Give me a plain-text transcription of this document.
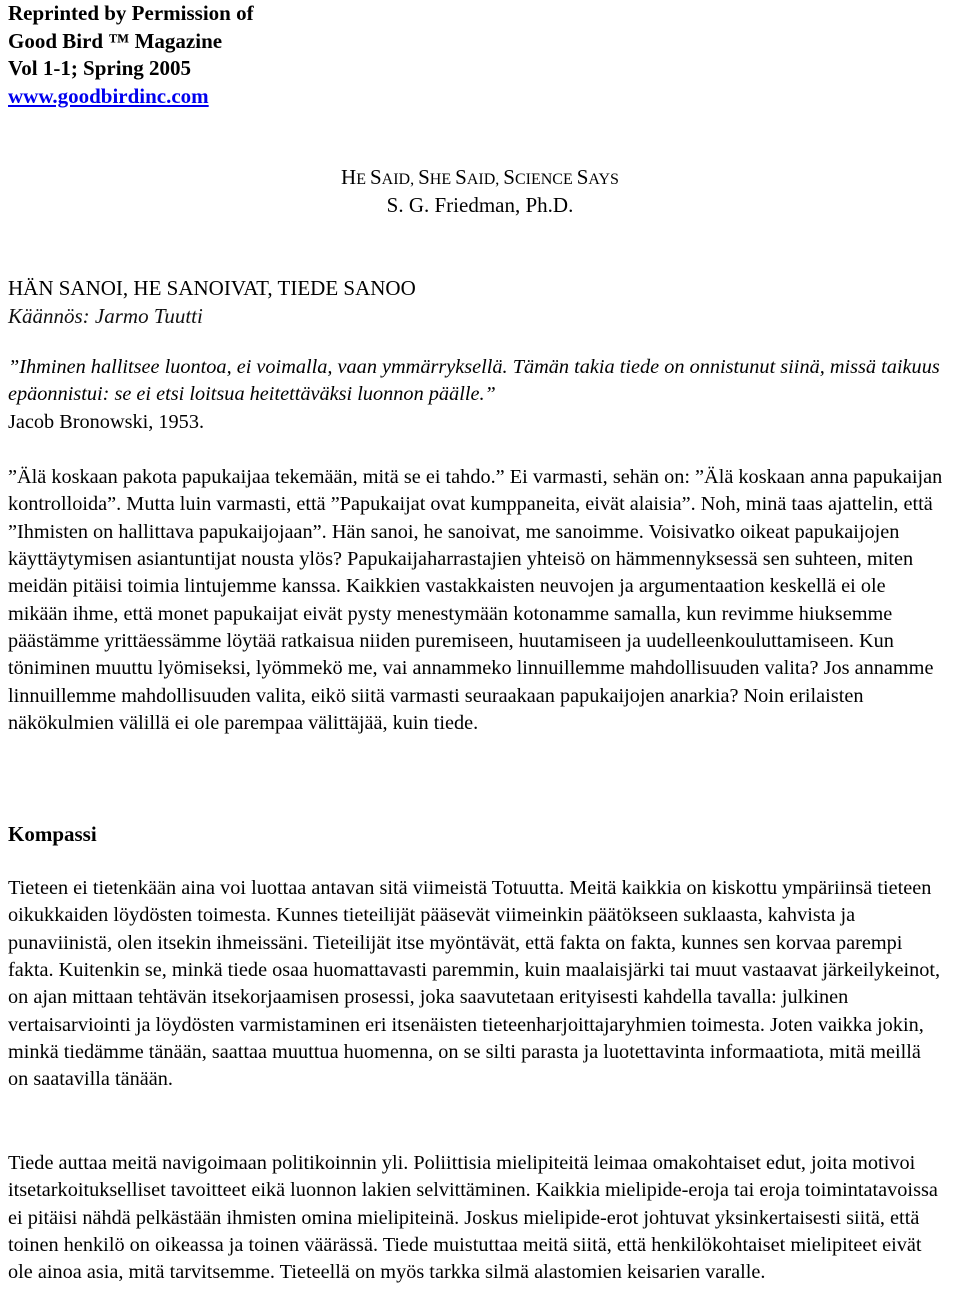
Reprinted by Permission of
Good Bird ™ Magazine
Vol 1-1; Spring 2005
www.goodbirdinc.com
HE SAID, SHE SAID, SCIENCE SAYS
S. G. Friedman, Ph.D.
HÄN SANOI, HE SANOIVAT, TIEDE SANOO
Käännös: Jarmo Tuutti
”Ihminen hallitsee luontoa, ei voimalla, vaan ymmärryksellä. Tämän takia tiede on onnistunut siinä, missä taikuus epäonnistui: se ei etsi loitsua heitettäväksi luonnon päälle.”
Jacob Bronowski, 1953.
”Älä koskaan pakota papukaijaa tekemään, mitä se ei tahdo.” Ei varmasti, sehän on: ”Älä koskaan anna papukaijan kontrolloida”. Mutta luin varmasti, että ”Papukaijat ovat kumppaneita, eivät alaisia”. Noh, minä taas ajattelin, että ”Ihmisten on hallittava papukaijojaan”. Hän sanoi, he sanoivat, me sanoimme. Voisivatko oikeat papukaijojen käyttäytymisen asiantuntijat nousta ylös? Papukaijaharrastajien yhteisö on hämmennyksessä sen suhteen, miten meidän pitäisi toimia lintujemme kanssa. Kaikkien vastakkaisten neuvojen ja argumentaation keskellä ei ole mikään ihme, että monet papukaijat eivät pysty menestymään kotonamme samalla, kun revimme hiuksemme päästämme yrittäessämme löytää ratkaisua niiden puremiseen, huutamiseen ja uudelleenkouluttamiseen. Kun töniminen muuttu lyömiseksi, lyömmekö me, vai annammeko linnuillemme mahdollisuuden valita? Jos annamme linnuillemme mahdollisuuden valita, eikö siitä varmasti seuraakaan papukaijojen anarkia? Noin erilaisten näkökulmien välillä ei ole parempaa välittäjää, kuin tiede.
Kompassi
Tieteen ei tietenkään aina voi luottaa antavan sitä viimeistä Totuutta. Meitä kaikkia on kiskottu ympäriinsä tieteen oikukkaiden löydösten toimesta. Kunnes tieteilijät pääsevät viimeinkin päätökseen suklaasta, kahvista ja punaviinistä, olen itsekin ihmeissäni. Tieteilijät itse myöntävät, että fakta on fakta, kunnes sen korvaa parempi fakta. Kuitenkin se, minkä tiede osaa huomattavasti paremmin, kuin maalaisjärki tai muut vastaavat järkeilykeinot, on ajan mittaan tehtävän itsekorjaamisen prosessi, joka saavutetaan erityisesti kahdella tavalla: julkinen vertaisarviointi ja löydösten varmistaminen eri itsenäisten tieteenharjoittajaryhmien toimesta. Joten vaikka jokin, minkä tiedämme tänään, saattaa muuttua huomenna, on se silti parasta ja luotettavinta informaatiota, mitä meillä on saatavilla tänään.
Tiede auttaa meitä navigoimaan politikoinnin yli. Poliittisia mielipiteitä leimaa omakohtaiset edut, joita motivoi itsetarkoitukselliset tavoitteet eikä luonnon lakien selvittäminen. Kaikkia mielipide-eroja tai eroja toimintatavoissa ei pitäisi nähdä pelkästään ihmisten omina mielipiteinä. Joskus mielipide-erot johtuvat yksinkertaisesti siitä, että toinen henkilö on oikeassa ja toinen väärässä. Tiede muistuttaa meitä siitä, että henkilökohtaiset mielipiteet eivät ole ainoa asia, mitä tarvitsemme. Tieteellä on myös tarkka silmä alastomien keisarien varalle.
